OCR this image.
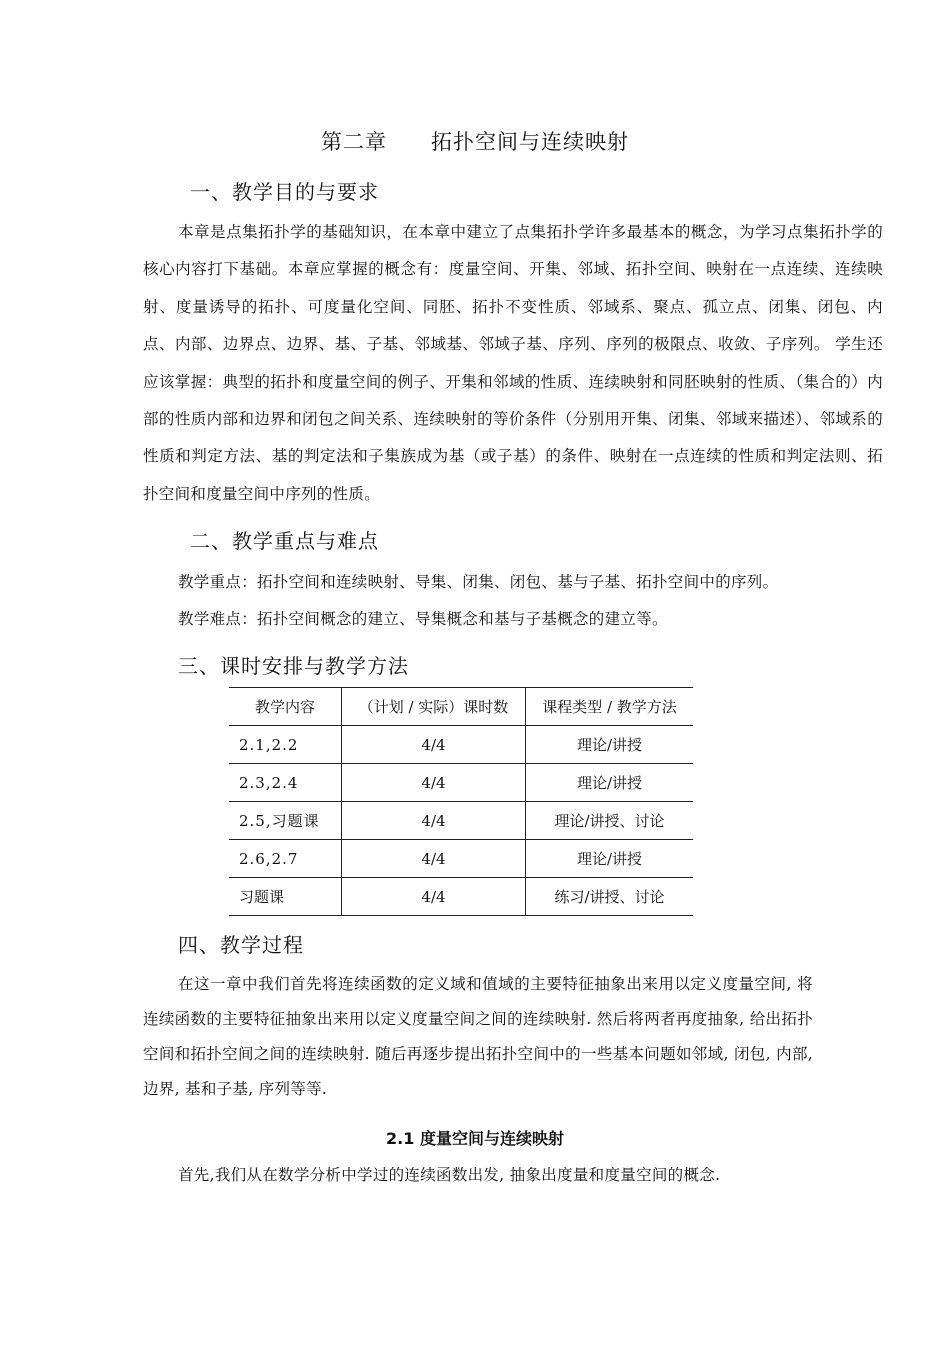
第二章　　拓扑空间与连续映射
一、教学目的与要求
本章是点集拓扑学的基础知识，在本章中建立了点集拓扑学许多最基本的概念，为学习点集拓扑学的核心内容打下基础。本章应掌握的概念有：度量空间、开集、邻域、拓扑空间、映射在一点连续、连续映射、度量诱导的拓扑、可度量化空间、同胚、拓扑不变性质、邻域系、聚点、孤立点、闭集、闭包、内点、内部、边界点、边界、基、子基、邻域基、邻域子基、序列、序列的极限点、收敛、子序列。 学生还应该掌握：典型的拓扑和度量空间的例子、开集和邻域的性质、连续映射和同胚映射的性质、（集合的）内部的性质内部和边界和闭包之间关系、连续映射的等价条件（分别用开集、闭集、邻域来描述）、邻域系的性质和判定方法、基的判定法和子集族成为基（或子基）的条件、映射在一点连续的性质和判定法则、拓扑空间和度量空间中序列的性质。
二、教学重点与难点
教学重点：拓扑空间和连续映射、导集、闭集、闭包、基与子基、拓扑空间中的序列。
教学难点：拓扑空间概念的建立、导集概念和基与子基概念的建立等。
三、课时安排与教学方法
教学内容	（计划 / 实际）课时数	课程类型 / 教学方法
2.1,2.2	4/4	理论/讲授
2.3,2.4	4/4	理论/讲授
2.5,习题课	4/4	理论/讲授、讨论
2.6,2.7	4/4	理论/讲授
习题课	4/4	练习/讲授、讨论
四、教学过程
在这一章中我们首先将连续函数的定义域和值域的主要特征抽象出来用以定义度量空间, 将连续函数的主要特征抽象出来用以定义度量空间之间的连续映射. 然后将两者再度抽象, 给出拓扑空间和拓扑空间之间的连续映射. 随后再逐步提出拓扑空间中的一些基本问题如邻域, 闭包, 内部, 边界, 基和子基, 序列等等.
2.1 度量空间与连续映射
首先,我们从在数学分析中学过的连续函数出发, 抽象出度量和度量空间的概念.
